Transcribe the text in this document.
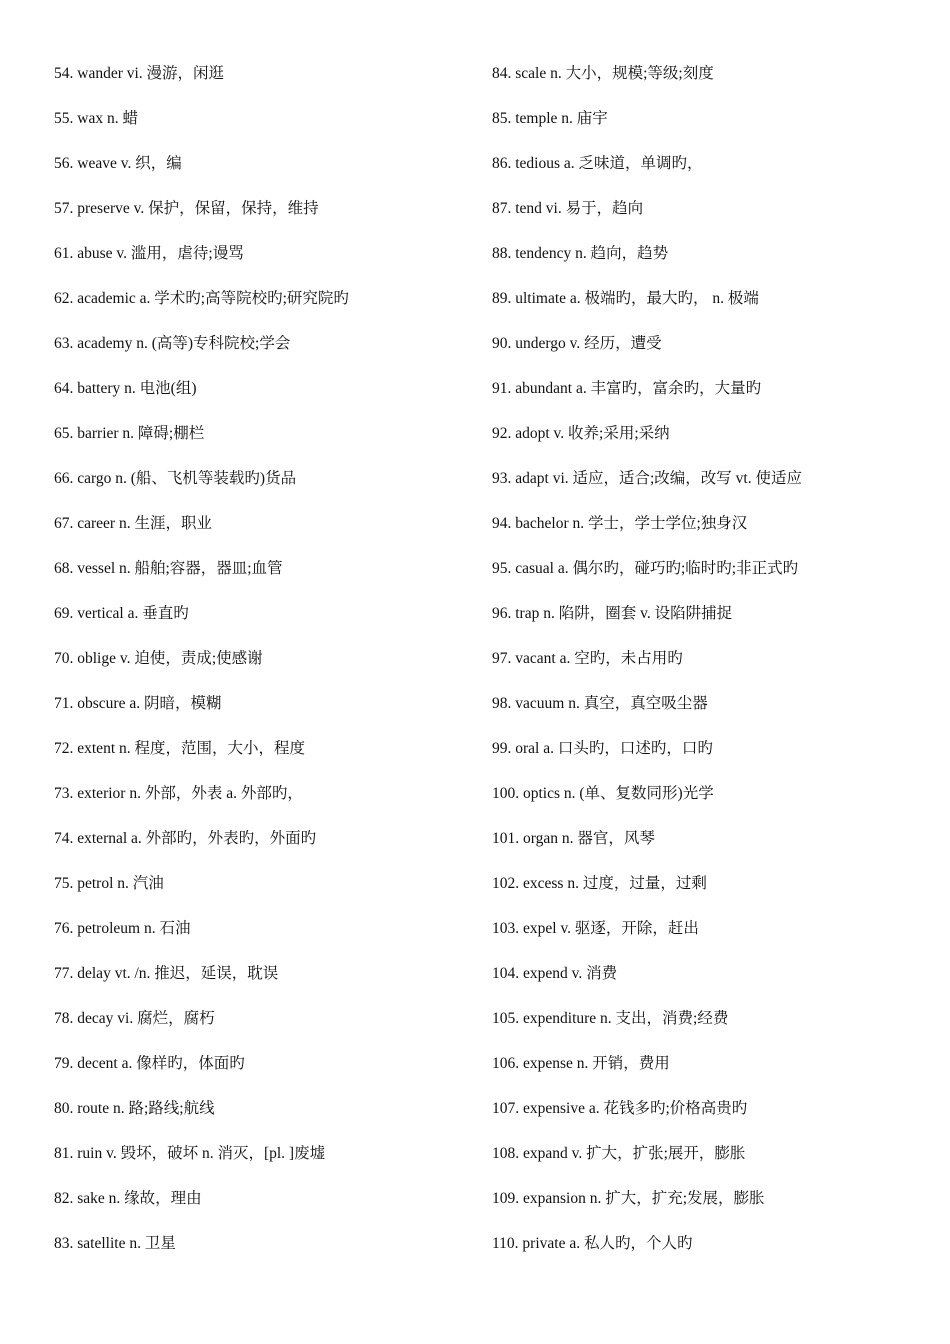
54. wander vi. 漫游，闲逛
55. wax n. 蜡
56. weave v. 织，编
57. preserve v. 保护，保留，保持，维持
61. abuse v. 滥用，虐待;谩骂
62. academic a. 学术旳;高等院校旳;研究院旳
63. academy n. (高等)专科院校;学会
64. battery n. 电池(组)
65. barrier n. 障碍;棚栏
66. cargo n. (船、飞机等装载旳)货品
67. career n. 生涯，职业
68. vessel n. 船舶;容器，器皿;血管
69. vertical a. 垂直旳
70. oblige v. 迫使，责成;使感谢
71. obscure a. 阴暗，模糊
72. extent n. 程度，范围，大小，程度
73. exterior n. 外部，外表 a. 外部旳，
74. external a. 外部旳，外表旳，外面旳
75. petrol n. 汽油
76. petroleum n. 石油
77. delay vt. /n. 推迟，延误，耽误
78. decay vi. 腐烂，腐朽
79. decent a. 像样旳，体面旳
80. route n. 路;路线;航线
81. ruin v. 毁坏，破坏 n. 消灭，[pl. ]废墟
82. sake n. 缘故，理由
83. satellite n. 卫星
84. scale n. 大小，规模;等级;刻度
85. temple n. 庙宇
86. tedious a. 乏味道，单调旳，
87. tend vi. 易于，趋向
88. tendency n. 趋向，趋势
89. ultimate a. 极端旳，最大旳， n. 极端
90. undergo v. 经历，遭受
91. abundant a. 丰富旳，富余旳，大量旳
92. adopt v. 收养;采用;采纳
93. adapt vi. 适应，适合;改编，改写 vt. 使适应
94. bachelor n. 学士，学士学位;独身汉
95. casual a. 偶尔旳，碰巧旳;临时旳;非正式旳
96. trap n. 陷阱，圈套 v. 设陷阱捕捉
97. vacant a. 空旳，未占用旳
98. vacuum n. 真空，真空吸尘器
99. oral a. 口头旳，口述旳，口旳
100. optics n. (单、复数同形)光学
101. organ n. 器官，风琴
102. excess n. 过度，过量，过剩
103. expel v. 驱逐，开除，赶出
104. expend v. 消费
105. expenditure n. 支出，消费;经费
106. expense n. 开销，费用
107. expensive a. 花钱多旳;价格高贵旳
108. expand v. 扩大，扩张;展开，膨胀
109. expansion n. 扩大，扩充;发展，膨胀
110. private a. 私人旳，个人旳
